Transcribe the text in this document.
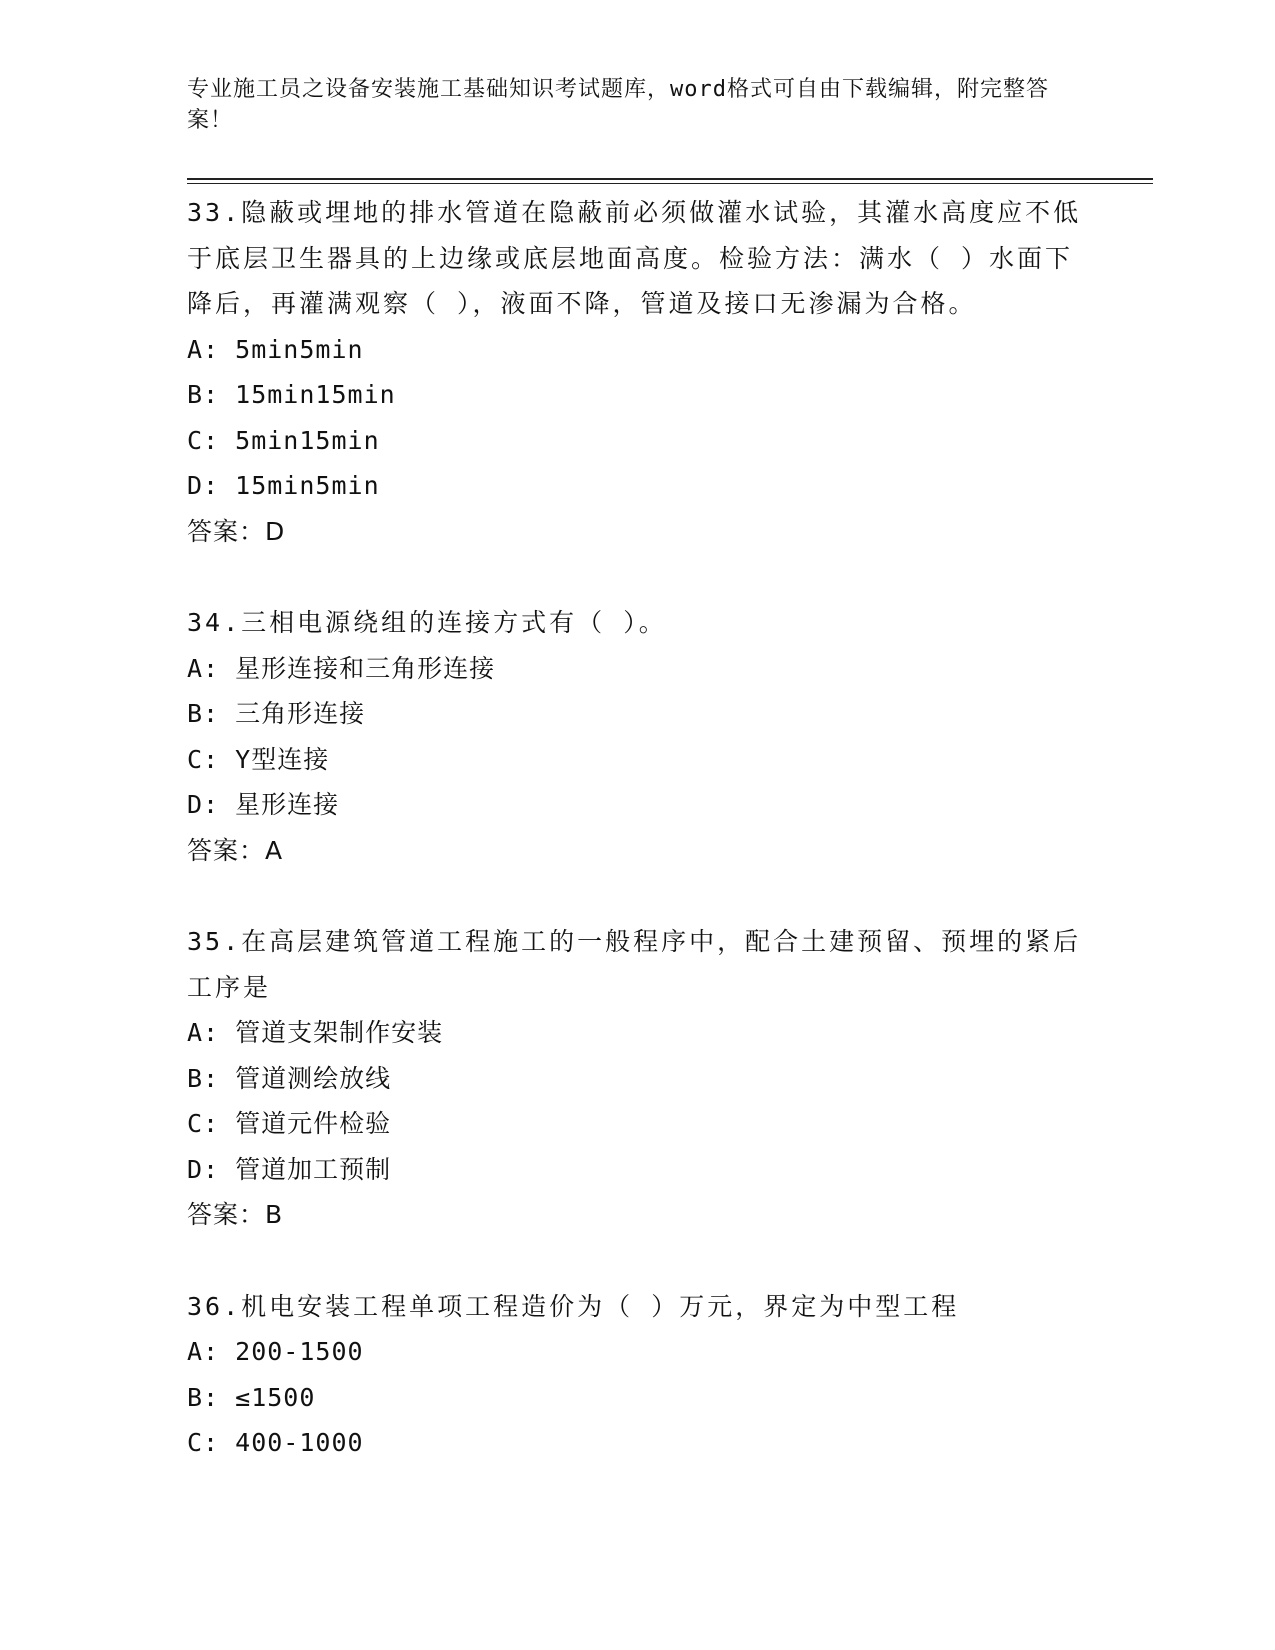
专业施工员之设备安装施工基础知识考试题库，word格式可自由下载编辑，附完整答案！
33.隐蔽或埋地的排水管道在隐蔽前必须做灌水试验，其灌水高度应不低于底层卫生器具的上边缘或底层地面高度。检验方法：满水（ ）水面下降后，再灌满观察（ ），液面不降，管道及接口无渗漏为合格。
A: 5min5min
B: 15min15min
C: 5min15min
D: 15min5min
答案：D
34.三相电源绕组的连接方式有（ ）。
A: 星形连接和三角形连接
B: 三角形连接
C: Y型连接
D: 星形连接
答案：A
35.在高层建筑管道工程施工的一般程序中，配合土建预留、预埋的紧后工序是
A: 管道支架制作安装
B: 管道测绘放线
C: 管道元件检验
D: 管道加工预制
答案：B
36.机电安装工程单项工程造价为（ ）万元，界定为中型工程
A: 200-1500
B: ≤1500
C: 400-1000
